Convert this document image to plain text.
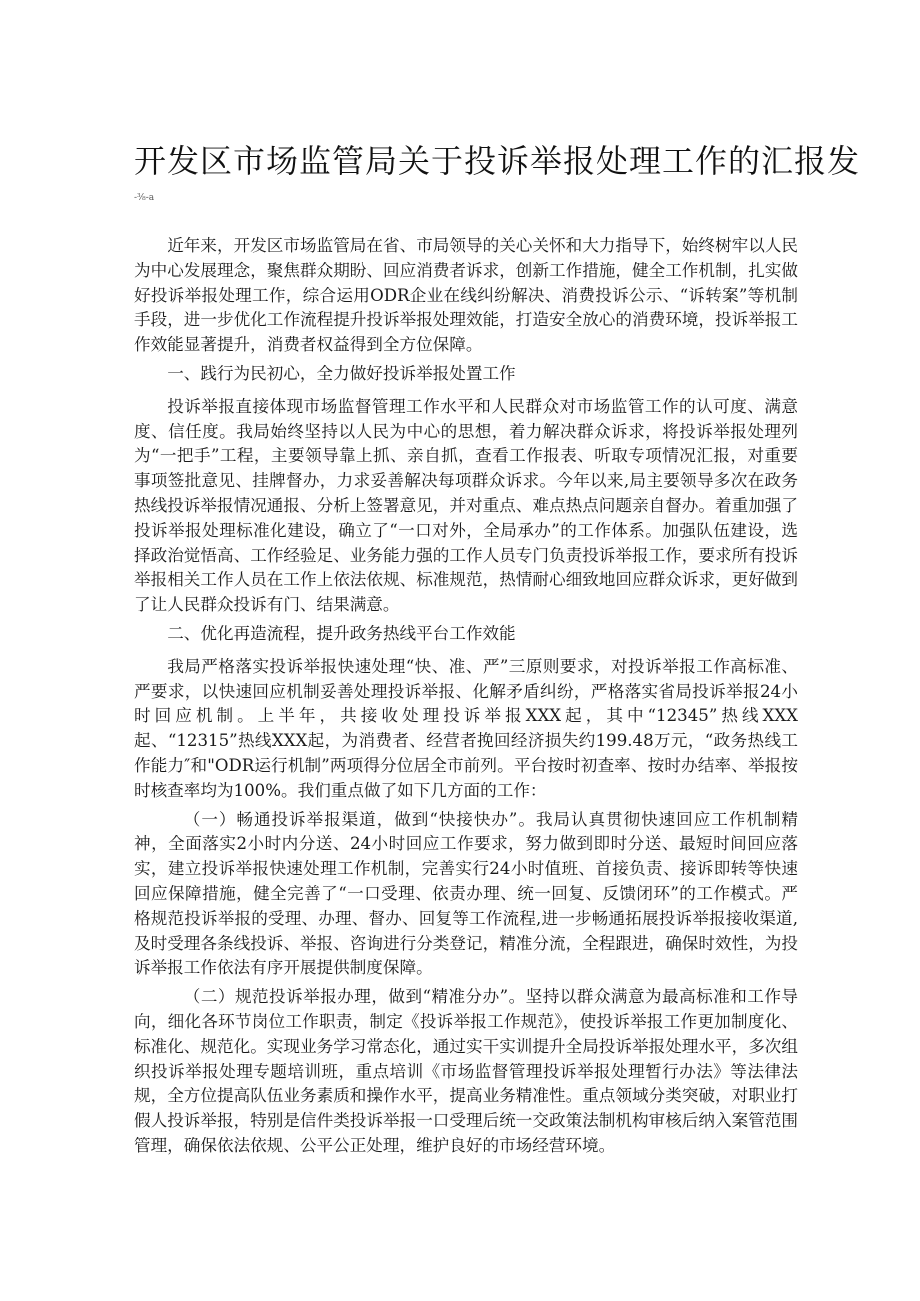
开发区市场监管局关于投诉举报处理工作的汇报发
-⅜-a

近年来，开发区市场监管局在省、市局领导的关心关怀和大力指导下，始终树牢以人民为中心发展理念，聚焦群众期盼、回应消费者诉求，创新工作措施，健全工作机制，扎实做好投诉举报处理工作，综合运用ODR企业在线纠纷解决、消费投诉公示、“诉转案”等机制手段，进一步优化工作流程提升投诉举报处理效能，打造安全放心的消费环境，投诉举报工作效能显著提升，消费者权益得到全方位保障。

一、践行为民初心，全力做好投诉举报处置工作

投诉举报直接体现市场监督管理工作水平和人民群众对市场监管工作的认可度、满意度、信任度。我局始终坚持以人民为中心的思想，着力解决群众诉求，将投诉举报处理列为“一把手”工程，主要领导靠上抓、亲自抓，查看工作报表、听取专项情况汇报，对重要事项签批意见、挂牌督办，力求妥善解决每项群众诉求。今年以来,局主要领导多次在政务热线投诉举报情况通报、分析上签署意见，并对重点、难点热点问题亲自督办。着重加强了投诉举报处理标准化建设，确立了“一口对外，全局承办”的工作体系。加强队伍建设，选择政治觉悟高、工作经验足、业务能力强的工作人员专门负责投诉举报工作，要求所有投诉举报相关工作人员在工作上依法依规、标准规范，热情耐心细致地回应群众诉求，更好做到了让人民群众投诉有门、结果满意。

二、优化再造流程，提升政务热线平台工作效能

我局严格落实投诉举报快速处理“快、准、严”三原则要求，对投诉举报工作高标准、严要求，以快速回应机制妥善处理投诉举报、化解矛盾纠纷，严格落实省局投诉举报24小时回应机制。上半年，共接收处理投诉举报XXX起，其中“12345”热线XXX起、“12315”热线XXX起，为消费者、经营者挽回经济损失约199.48万元，“政务热线工作能力″和"ODR运行机制”两项得分位居全市前列。平台按时初查率、按时办结率、举报按时核查率均为100%。我们重点做了如下几方面的工作：

（一）畅通投诉举报渠道，做到“快接快办”。我局认真贯彻快速回应工作机制精神，全面落实2小时内分送、24小时回应工作要求，努力做到即时分送、最短时间回应落实，建立投诉举报快速处理工作机制，完善实行24小时值班、首接负责、接诉即转等快速回应保障措施，健全完善了“一口受理、依责办理、统一回复、反馈闭环”的工作模式。严格规范投诉举报的受理、办理、督办、回复等工作流程,进一步畅通拓展投诉举报接收渠道,及时受理各条线投诉、举报、咨询进行分类登记，精准分流，全程跟进，确保时效性，为投诉举报工作依法有序开展提供制度保障。

（二）规范投诉举报办理，做到“精准分办”。坚持以群众满意为最高标准和工作导向，细化各环节岗位工作职责，制定《投诉举报工作规范》，使投诉举报工作更加制度化、标准化、规范化。实现业务学习常态化，通过实干实训提升全局投诉举报处理水平，多次组织投诉举报处理专题培训班，重点培训《市场监督管理投诉举报处理暂行办法》等法律法规，全方位提高队伍业务素质和操作水平，提高业务精准性。重点领域分类突破，对职业打假人投诉举报，特别是信件类投诉举报一口受理后统一交政策法制机构审核后纳入案管范围管理，确保依法依规、公平公正处理，维护良好的市场经营环境。
